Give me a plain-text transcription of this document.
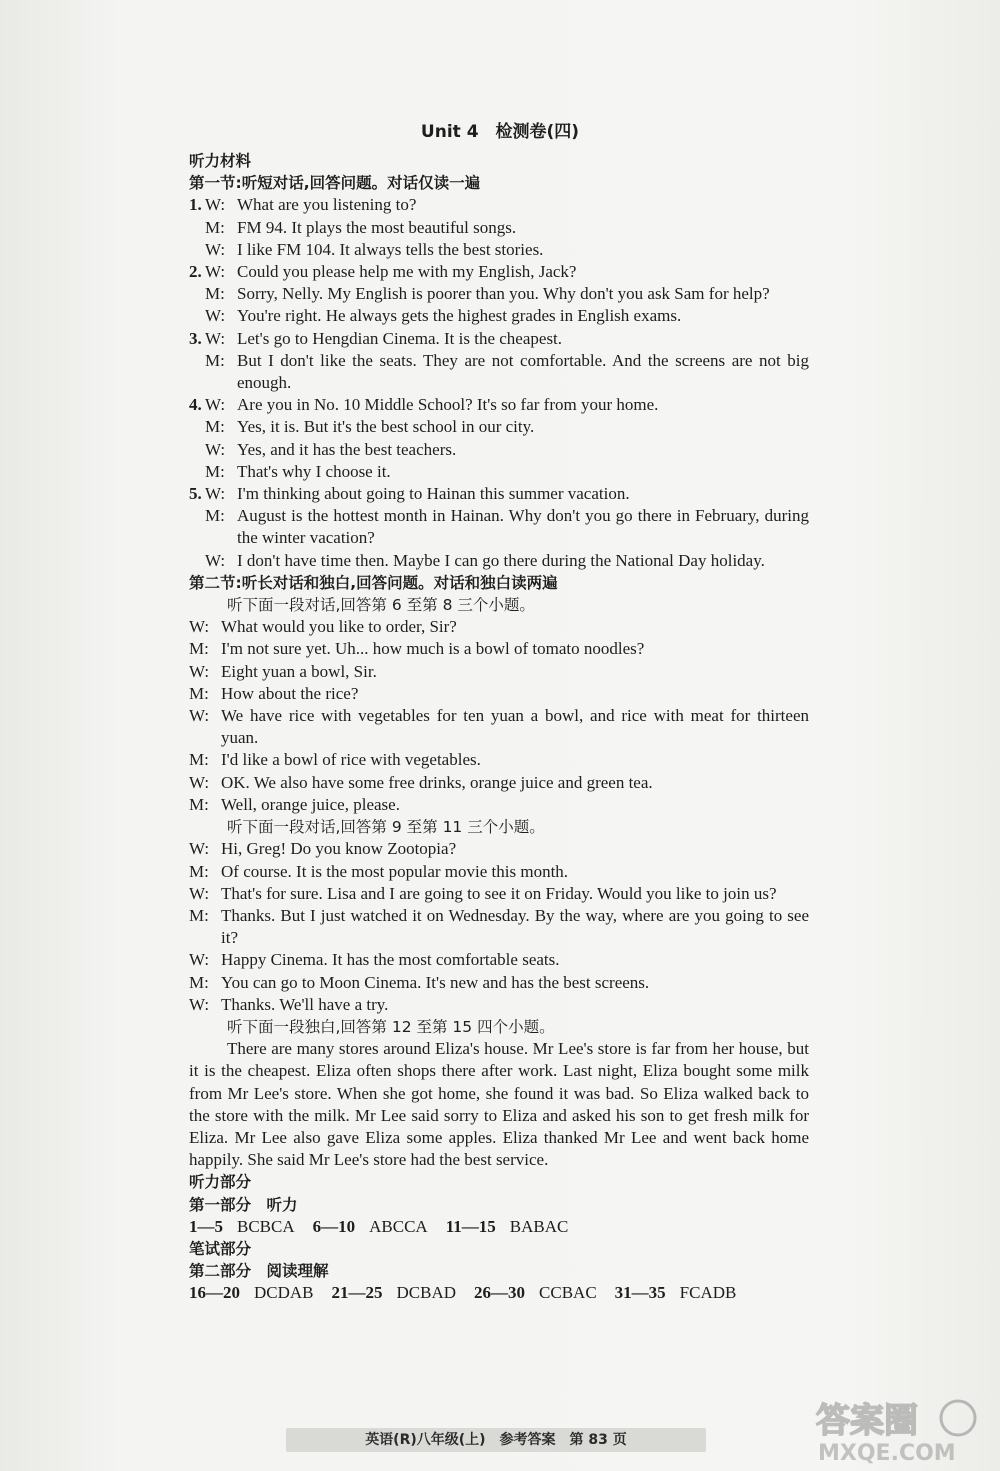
Unit 4　检测卷(四)
听力材料
第一节:听短对话,回答问题。对话仅读一遍
1. W: What are you listening to?
M: FM 94. It plays the most beautiful songs.
W: I like FM 104. It always tells the best stories.
2. W: Could you please help me with my English, Jack?
M: Sorry, Nelly. My English is poorer than you. Why don't you ask Sam for help?
W: You're right. He always gets the highest grades in English exams.
3. W: Let's go to Hengdian Cinema. It is the cheapest.
M: But I don't like the seats. They are not comfortable. And the screens are not big enough.
4. W: Are you in No. 10 Middle School? It's so far from your home.
M: Yes, it is. But it's the best school in our city.
W: Yes, and it has the best teachers.
M: That's why I choose it.
5. W: I'm thinking about going to Hainan this summer vacation.
M: August is the hottest month in Hainan. Why don't you go there in February, during the winter vacation?
W: I don't have time then. Maybe I can go there during the National Day holiday.
第二节:听长对话和独白,回答问题。对话和独白读两遍
听下面一段对话,回答第 6 至第 8 三个小题。
W: What would you like to order, Sir?
M: I'm not sure yet. Uh... how much is a bowl of tomato noodles?
W: Eight yuan a bowl, Sir.
M: How about the rice?
W: We have rice with vegetables for ten yuan a bowl, and rice with meat for thirteen yuan.
M: I'd like a bowl of rice with vegetables.
W: OK. We also have some free drinks, orange juice and green tea.
M: Well, orange juice, please.
听下面一段对话,回答第 9 至第 11 三个小题。
W: Hi, Greg! Do you know Zootopia?
M: Of course. It is the most popular movie this month.
W: That's for sure. Lisa and I are going to see it on Friday. Would you like to join us?
M: Thanks. But I just watched it on Wednesday. By the way, where are you going to see it?
W: Happy Cinema. It has the most comfortable seats.
M: You can go to Moon Cinema. It's new and has the best screens.
W: Thanks. We'll have a try.
听下面一段独白,回答第 12 至第 15 四个小题。
There are many stores around Eliza's house. Mr Lee's store is far from her house, but it is the cheapest. Eliza often shops there after work. Last night, Eliza bought some milk from Mr Lee's store. When she got home, she found it was bad. So Eliza walked back to the store with the milk. Mr Lee said sorry to Eliza and asked his son to get fresh milk for Eliza. Mr Lee also gave Eliza some apples. Eliza thanked Mr Lee and went back home happily. She said Mr Lee's store had the best service.
听力部分
第一部分　听力
1—5 BCBCA 6—10 ABCCA 11—15 BABAC
笔试部分
第二部分　阅读理解
16—20 DCDAB 21—25 DCBAD 26—30 CCBAC 31—35 FCADB
英语(R)八年级(上)　参考答案　第 83 页	答案圈
MXQE.COM
